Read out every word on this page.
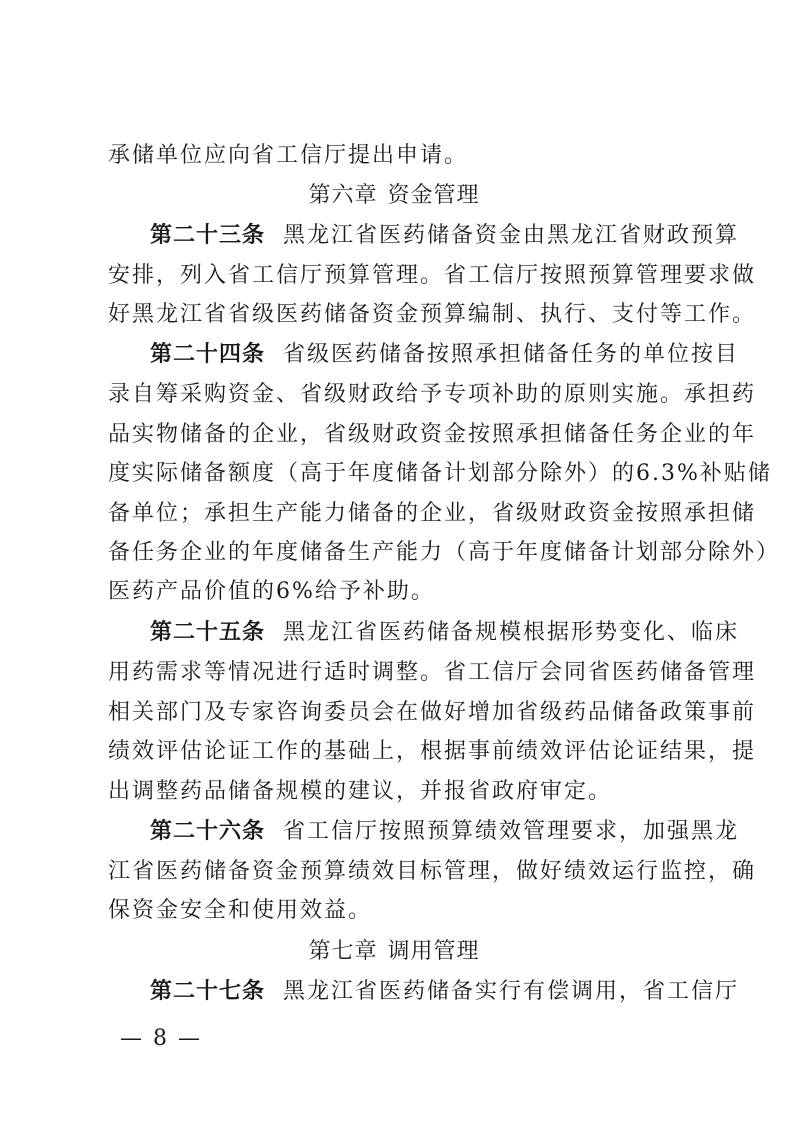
承储单位应向省工信厅提出申请。
第六章 资金管理
第二十三条 黑龙江省医药储备资金由黑龙江省财政预算
安排，列入省工信厅预算管理。省工信厅按照预算管理要求做
好黑龙江省省级医药储备资金预算编制、执行、支付等工作。
第二十四条 省级医药储备按照承担储备任务的单位按目
录自筹采购资金、省级财政给予专项补助的原则实施。承担药
品实物储备的企业，省级财政资金按照承担储备任务企业的年
度实际储备额度（高于年度储备计划部分除外）的6.3%补贴储
备单位；承担生产能力储备的企业，省级财政资金按照承担储
备任务企业的年度储备生产能力（高于年度储备计划部分除外）
医药产品价值的6%给予补助。
第二十五条 黑龙江省医药储备规模根据形势变化、临床
用药需求等情况进行适时调整。省工信厅会同省医药储备管理
相关部门及专家咨询委员会在做好增加省级药品储备政策事前
绩效评估论证工作的基础上，根据事前绩效评估论证结果，提
出调整药品储备规模的建议，并报省政府审定。
第二十六条 省工信厅按照预算绩效管理要求，加强黑龙
江省医药储备资金预算绩效目标管理，做好绩效运行监控，确
保资金安全和使用效益。
第七章 调用管理
第二十七条 黑龙江省医药储备实行有偿调用，省工信厅
— 8 —
